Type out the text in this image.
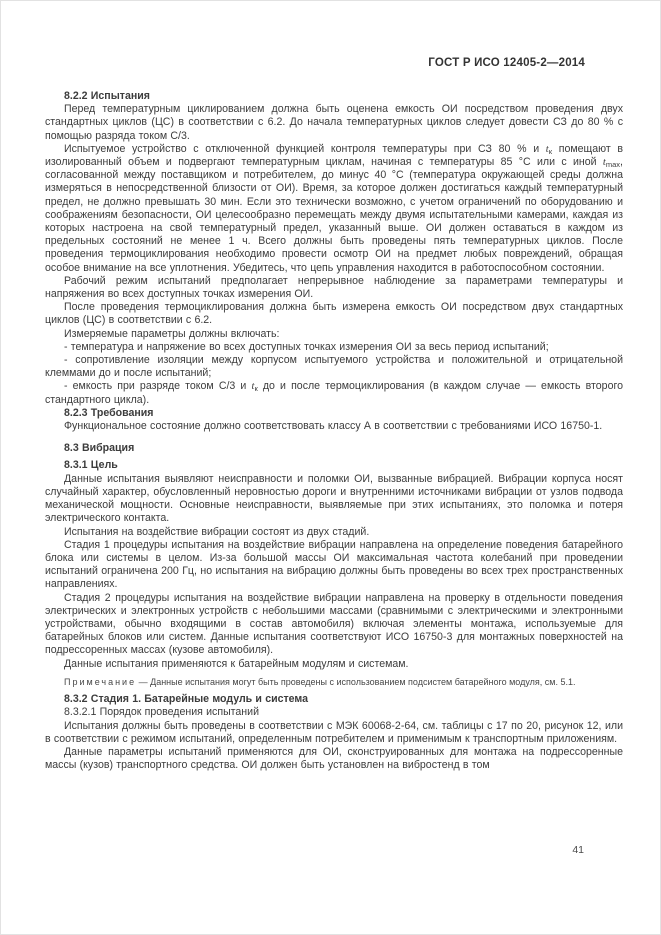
ГОСТ Р ИСО 12405-2—2014

8.2.2 Испытания

Перед температурным циклированием должна быть оценена емкость ОИ посредством проведения двух стандартных циклов (ЦС) в соответствии с 6.2. До начала температурных циклов следует довести СЗ до 80 % с помощью разряда током С/3.

Испытуемое устройство с отключенной функцией контроля температуры при СЗ 80 % и $t_к$ помещают в изолированный объем и подвергают температурным циклам, начиная с температуры 85 °С или с иной $t_{max}$, согласованной между поставщиком и потребителем, до минус 40 °С (температура окружающей среды должна измеряться в непосредственной близости от ОИ). Время, за которое должен достигаться каждый температурный предел, не должно превышать 30 мин. Если это технически возможно, с учетом ограничений по оборудованию и соображениям безопасности, ОИ целесообразно перемещать между двумя испытательными камерами, каждая из которых настроена на свой температурный предел, указанный выше. ОИ должен оставаться в каждом из предельных состояний не менее 1 ч. Всего должны быть проведены пять температурных циклов. После проведения термоциклирования необходимо провести осмотр ОИ на предмет любых повреждений, обращая особое внимание на все уплотнения. Убедитесь, что цепь управления находится в работоспособном состоянии.

Рабочий режим испытаний предполагает непрерывное наблюдение за параметрами температуры и напряжения во всех доступных точках измерения ОИ.

После проведения термоциклирования должна быть измерена емкость ОИ посредством двух стандартных циклов (ЦС) в соответствии с 6.2.

Измеряемые параметры должны включать:

- температура и напряжение во всех доступных точках измерения ОИ за весь период испытаний;

- сопротивление изоляции между корпусом испытуемого устройства и положительной и отрицательной клеммами до и после испытаний;

- емкость при разряде током С/3 и $t_к$ до и после термоциклирования (в каждом случае — емкость второго стандартного цикла).

8.2.3 Требования

Функциональное состояние должно соответствовать классу А в соответствии с требованиями ИСО 16750-1.

8.3 Вибрация

8.3.1 Цель

Данные испытания выявляют неисправности и поломки ОИ, вызванные вибрацией. Вибрации корпуса носят случайный характер, обусловленный неровностью дороги и внутренними источниками вибрации от узлов подвода механической мощности. Основные неисправности, выявляемые при этих испытаниях, это поломка и потеря электрического контакта.

Испытания на воздействие вибрации состоят из двух стадий.

Стадия 1 процедуры испытания на воздействие вибрации направлена на определение поведения батарейного блока или системы в целом. Из-за большой массы ОИ максимальная частота колебаний при проведении испытаний ограничена 200 Гц, но испытания на вибрацию должны быть проведены во всех трех пространственных направлениях.

Стадия 2 процедуры испытания на воздействие вибрации направлена на проверку в отдельности поведения электрических и электронных устройств с небольшими массами (сравнимыми с электрическими и электронными устройствами, обычно входящими в состав автомобиля) включая элементы монтажа, используемые для батарейных блоков или систем. Данные испытания соответствуют ИСО 16750-3 для монтажных поверхностей на подрессоренных массах (кузове автомобиля).

Данные испытания применяются к батарейным модулям и системам.

Примечание — Данные испытания могут быть проведены с использованием подсистем батарейного модуля, см. 5.1.

8.3.2 Стадия 1. Батарейные модуль и система

8.3.2.1 Порядок проведения испытаний

Испытания должны быть проведены в соответствии с МЭК 60068-2-64, см. таблицы с 17 по 20, рисунок 12, или в соответствии с режимом испытаний, определенным потребителем и применимым к транспортным приложениям.

Данные параметры испытаний применяются для ОИ, сконструированных для монтажа на подрессоренные массы (кузов) транспортного средства. ОИ должен быть установлен на вибростенд в том

41
